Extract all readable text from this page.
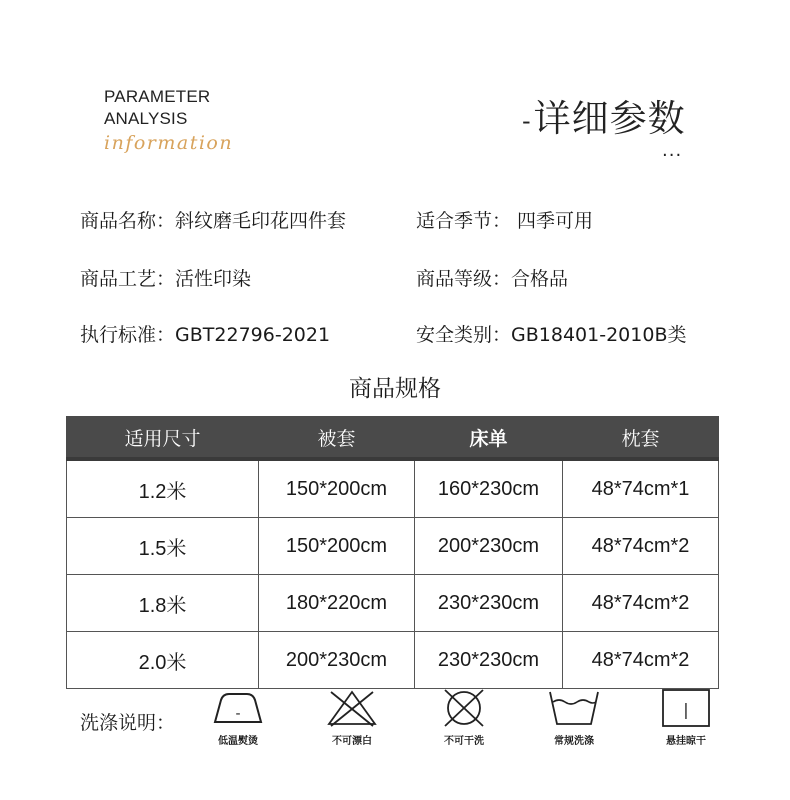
PARAMETER
ANALYSIS
information
-详细参数
...
商品名称：斜纹磨毛印花四件套	适合季节： 四季可用
商品工艺：活性印染	商品等级：合格品
执行标准：GBT22796-2021	安全类别：GB18401-2010B类
商品规格
适用尺寸	被套	床单	枕套
1.2米	150*200cm	160*230cm	48*74cm*1
1.5米	150*200cm	200*230cm	48*74cm*2
1.8米	180*220cm	230*230cm	48*74cm*2
2.0米	200*230cm	230*230cm	48*74cm*2
洗涤说明：	-
低温熨烫	不可漂白	不可干洗	常规洗涤
|
悬挂晾干
